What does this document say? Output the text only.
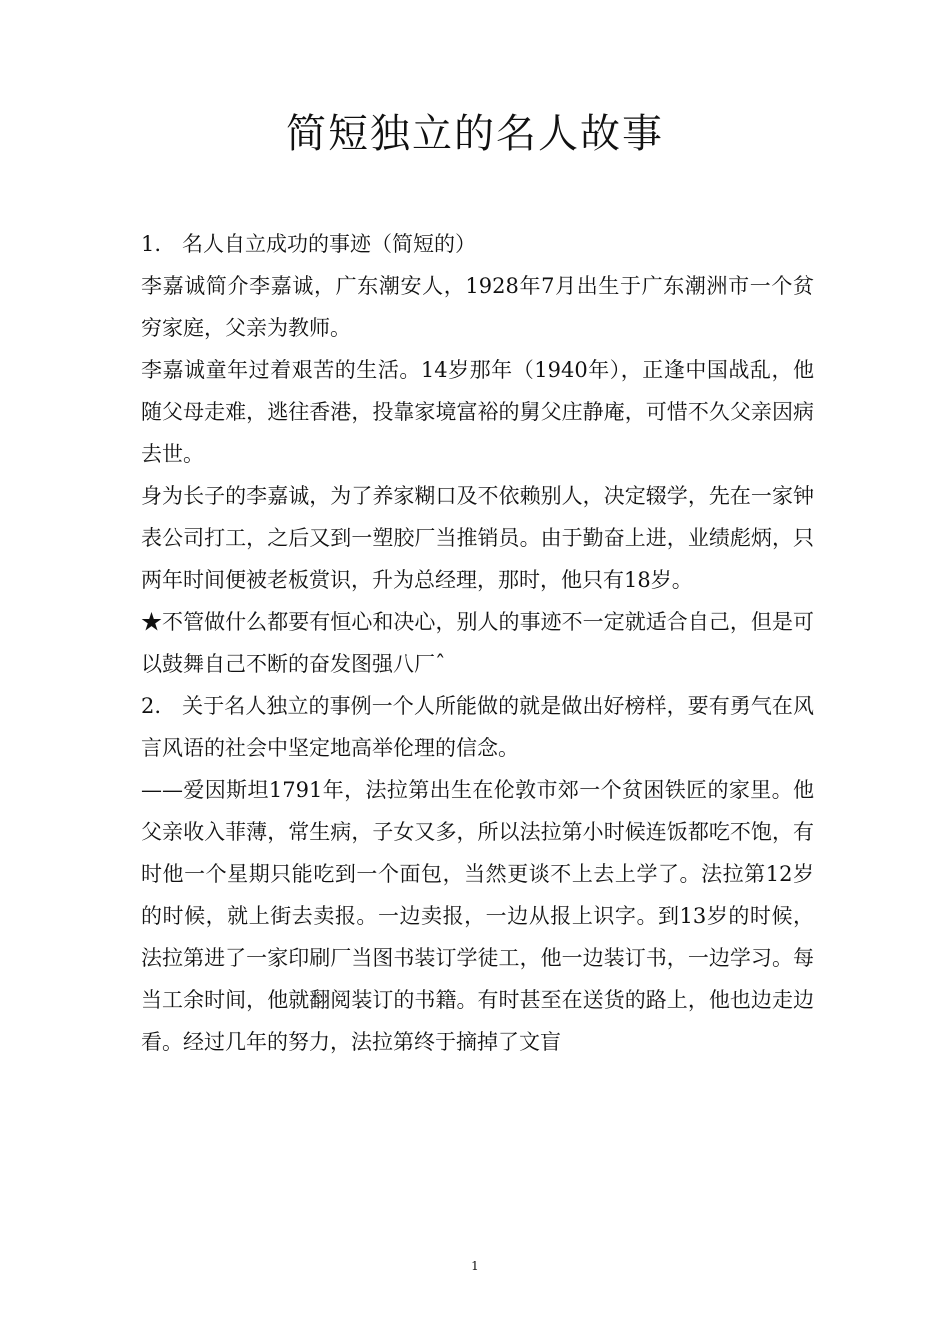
简短独立的名人故事

1.　名人自立成功的事迹（简短的）

李嘉诚简介李嘉诚，广东潮安人，1928年7月出生于广东潮洲市一个贫穷家庭，父亲为教师。

李嘉诚童年过着艰苦的生活。14岁那年（1940年），正逢中国战乱，他随父母走难，逃往香港，投靠家境富裕的舅父庄静庵，可惜不久父亲因病去世。

身为长子的李嘉诚，为了养家糊口及不依赖别人，决定辍学，先在一家钟表公司打工，之后又到一塑胶厂当推销员。由于勤奋上进，业绩彪炳，只两年时间便被老板赏识，升为总经理，那时，他只有18岁。

★不管做什么都要有恒心和决心，别人的事迹不一定就适合自己，但是可以鼓舞自己不断的奋发图强八厂ˆ

2.　关于名人独立的事例一个人所能做的就是做出好榜样，要有勇气在风言风语的社会中坚定地高举伦理的信念。

——爱因斯坦1791年，法拉第出生在伦敦市郊一个贫困铁匠的家里。他父亲收入菲薄，常生病，子女又多，所以法拉第小时候连饭都吃不饱，有时他一个星期只能吃到一个面包，当然更谈不上去上学了。法拉第12岁的时候，就上街去卖报。一边卖报，一边从报上识字。到13岁的时候，法拉第进了一家印刷厂当图书装订学徒工，他一边装订书，一边学习。每当工余时间，他就翻阅装订的书籍。有时甚至在送货的路上，他也边走边看。经过几年的努力，法拉第终于摘掉了文盲

1
